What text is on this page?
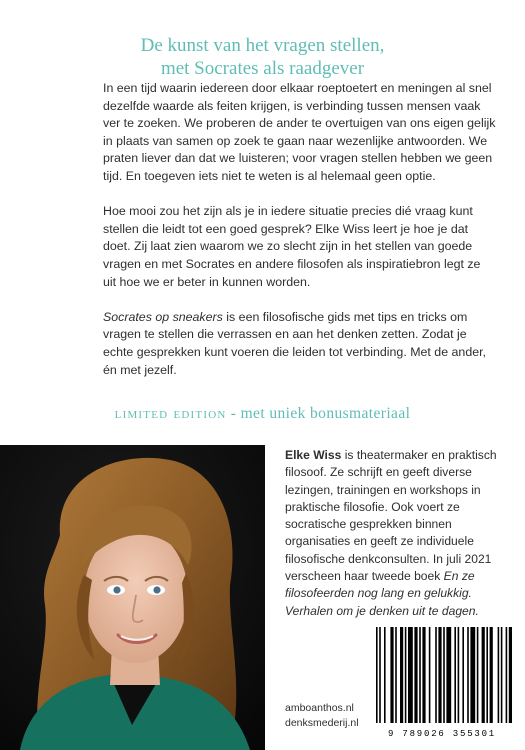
De kunst van het vragen stellen,
met Socrates als raadgever

In een tijd waarin iedereen door elkaar roeptoetert en meningen al snel dezelfde waarde als feiten krijgen, is verbinding tussen mensen vaak ver te zoeken. We proberen de ander te overtuigen van ons eigen gelijk in plaats van samen op zoek te gaan naar wezenlijke antwoorden. We praten liever dan dat we luisteren; voor vragen stellen hebben we geen tijd. En toegeven iets niet te weten is al helemaal geen optie.

Hoe mooi zou het zijn als je in iedere situatie precies dié vraag kunt stellen die leidt tot een goed gesprek? Elke Wiss leert je hoe je dat doet. Zij laat zien waarom we zo slecht zijn in het stellen van goede vragen en met Socrates en andere filosofen als inspiratiebron legt ze uit hoe we er beter in kunnen worden.

Socrates op sneakers is een filosofische gids met tips en tricks om vragen te stellen die verrassen en aan het denken zetten. Zodat je echte gesprekken kunt voeren die leiden tot verbinding. Met de ander, én met jezelf.

limited edition - met uniek bonusmateriaal
Elke Wiss is theatermaker en praktisch filosoof. Ze schrijft en geeft diverse lezingen, trainingen en workshops in praktische filosofie. Ook voert ze socratische gesprekken binnen organisaties en geeft ze individuele filosofische denkconsulten. In juli 2021 verscheen haar tweede boek En ze filosofeerden nog lang en gelukkig. Verhalen om je denken uit te dagen.
amboanthos.nl
denksmederij.nl
9 789026 355301
